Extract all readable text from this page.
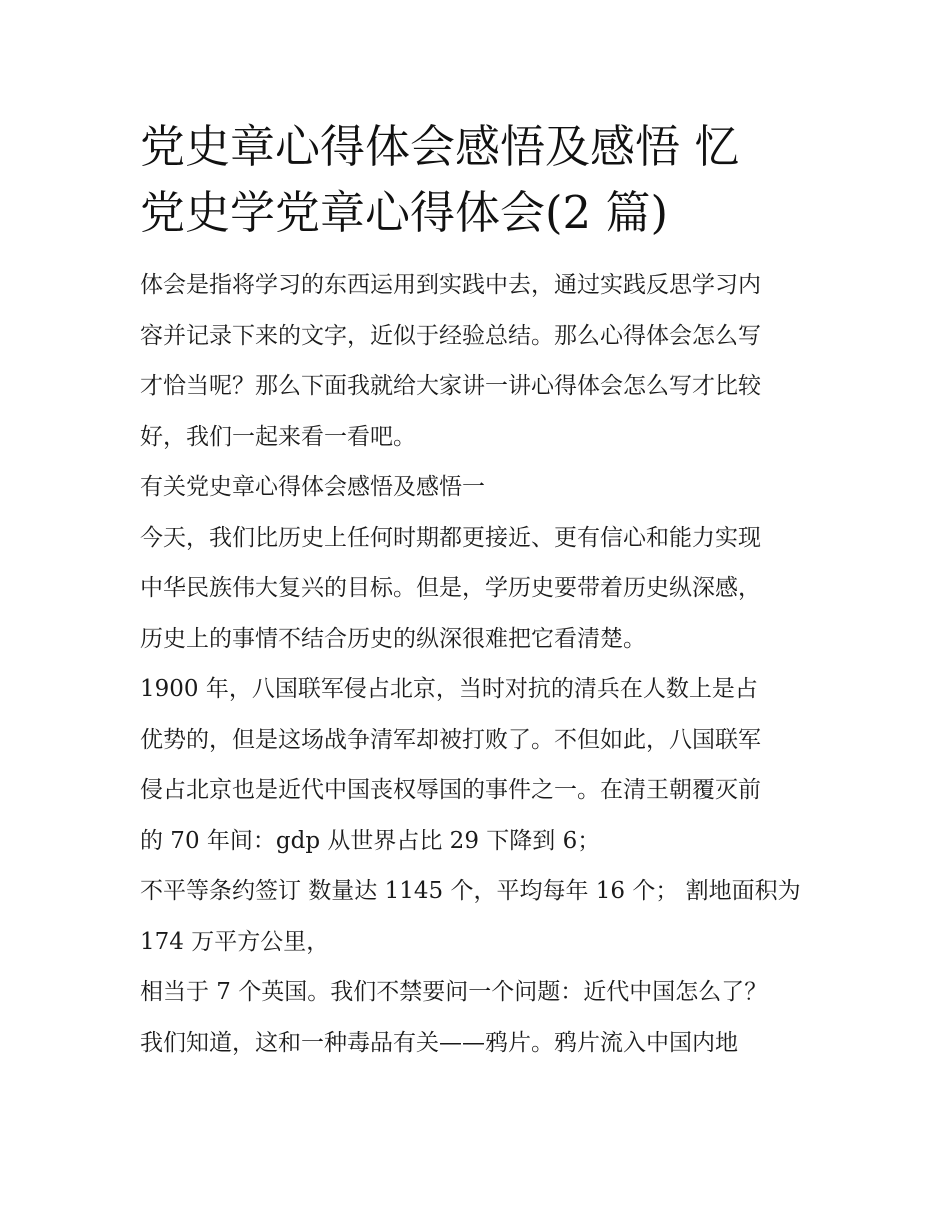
党史章心得体会感悟及感悟 忆
党史学党章心得体会(2 篇)
体会是指将学习的东西运用到实践中去，通过实践反思学习内
容并记录下来的文字，近似于经验总结。那么心得体会怎么写
才恰当呢？那么下面我就给大家讲一讲心得体会怎么写才比较
好，我们一起来看一看吧。
有关党史章心得体会感悟及感悟一
今天，我们比历史上任何时期都更接近、更有信心和能力实现
中华民族伟大复兴的目标。但是，学历史要带着历史纵深感，
历史上的事情不结合历史的纵深很难把它看清楚。
1900 年，八国联军侵占北京，当时对抗的清兵在人数上是占
优势的，但是这场战争清军却被打败了。不但如此，八国联军
侵占北京也是近代中国丧权辱国的事件之一。在清王朝覆灭前
的 70 年间：gdp 从世界占比 29 下降到 6；
不平等条约签订 数量达 1145 个，平均每年 16 个； 割地面积为
174 万平方公里，
相当于 7 个英国。我们不禁要问一个问题：近代中国怎么了？
我们知道，这和一种毒品有关——鸦片。鸦片流入中国内地
